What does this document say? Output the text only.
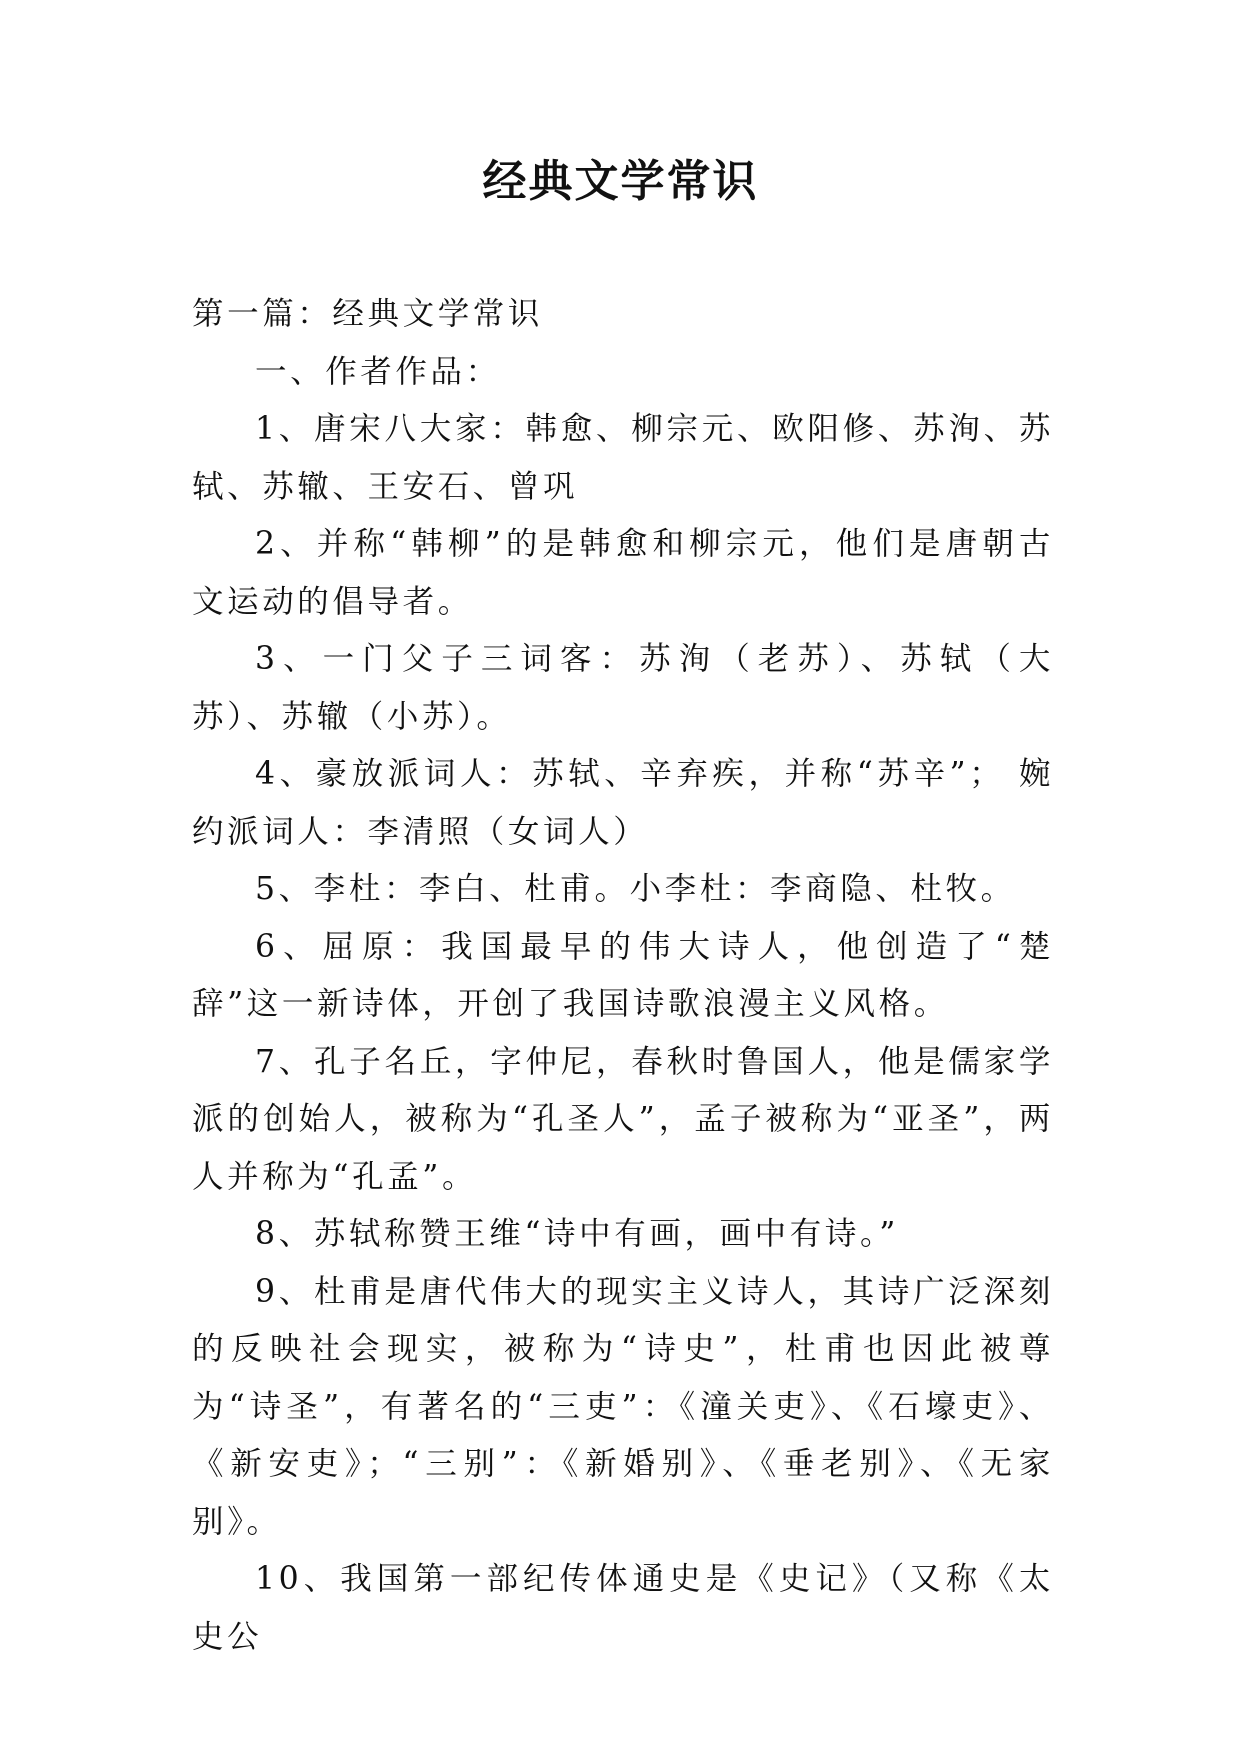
经典文学常识

第一篇：经典文学常识

一、作者作品：

1、唐宋八大家：韩愈、柳宗元、欧阳修、苏洵、苏轼、苏辙、王安石、曾巩

2、并称“韩柳”的是韩愈和柳宗元，他们是唐朝古文运动的倡导者。

3、一门父子三词客：苏洵（老苏）、苏轼（大苏）、苏辙（小苏）。

4、豪放派词人：苏轼、辛弃疾，并称“苏辛”； 婉约派词人：李清照（女词人）

5、李杜：李白、杜甫。小李杜：李商隐、杜牧。

6、屈原：我国最早的伟大诗人，他创造了“楚辞”这一新诗体，开创了我国诗歌浪漫主义风格。

7、孔子名丘，字仲尼，春秋时鲁国人，他是儒家学派的创始人，被称为“孔圣人”，孟子被称为“亚圣”，两人并称为“孔孟”。

8、苏轼称赞王维“诗中有画，画中有诗。”

9、杜甫是唐代伟大的现实主义诗人，其诗广泛深刻的反映社会现实，被称为“诗史”，杜甫也因此被尊为“诗圣”，有著名的“三吏”：《潼关吏》、《石壕吏》、《新安吏》；“三别”：《新婚别》、《垂老别》、《无家别》。

10、我国第一部纪传体通史是《史记》（又称《太史公
